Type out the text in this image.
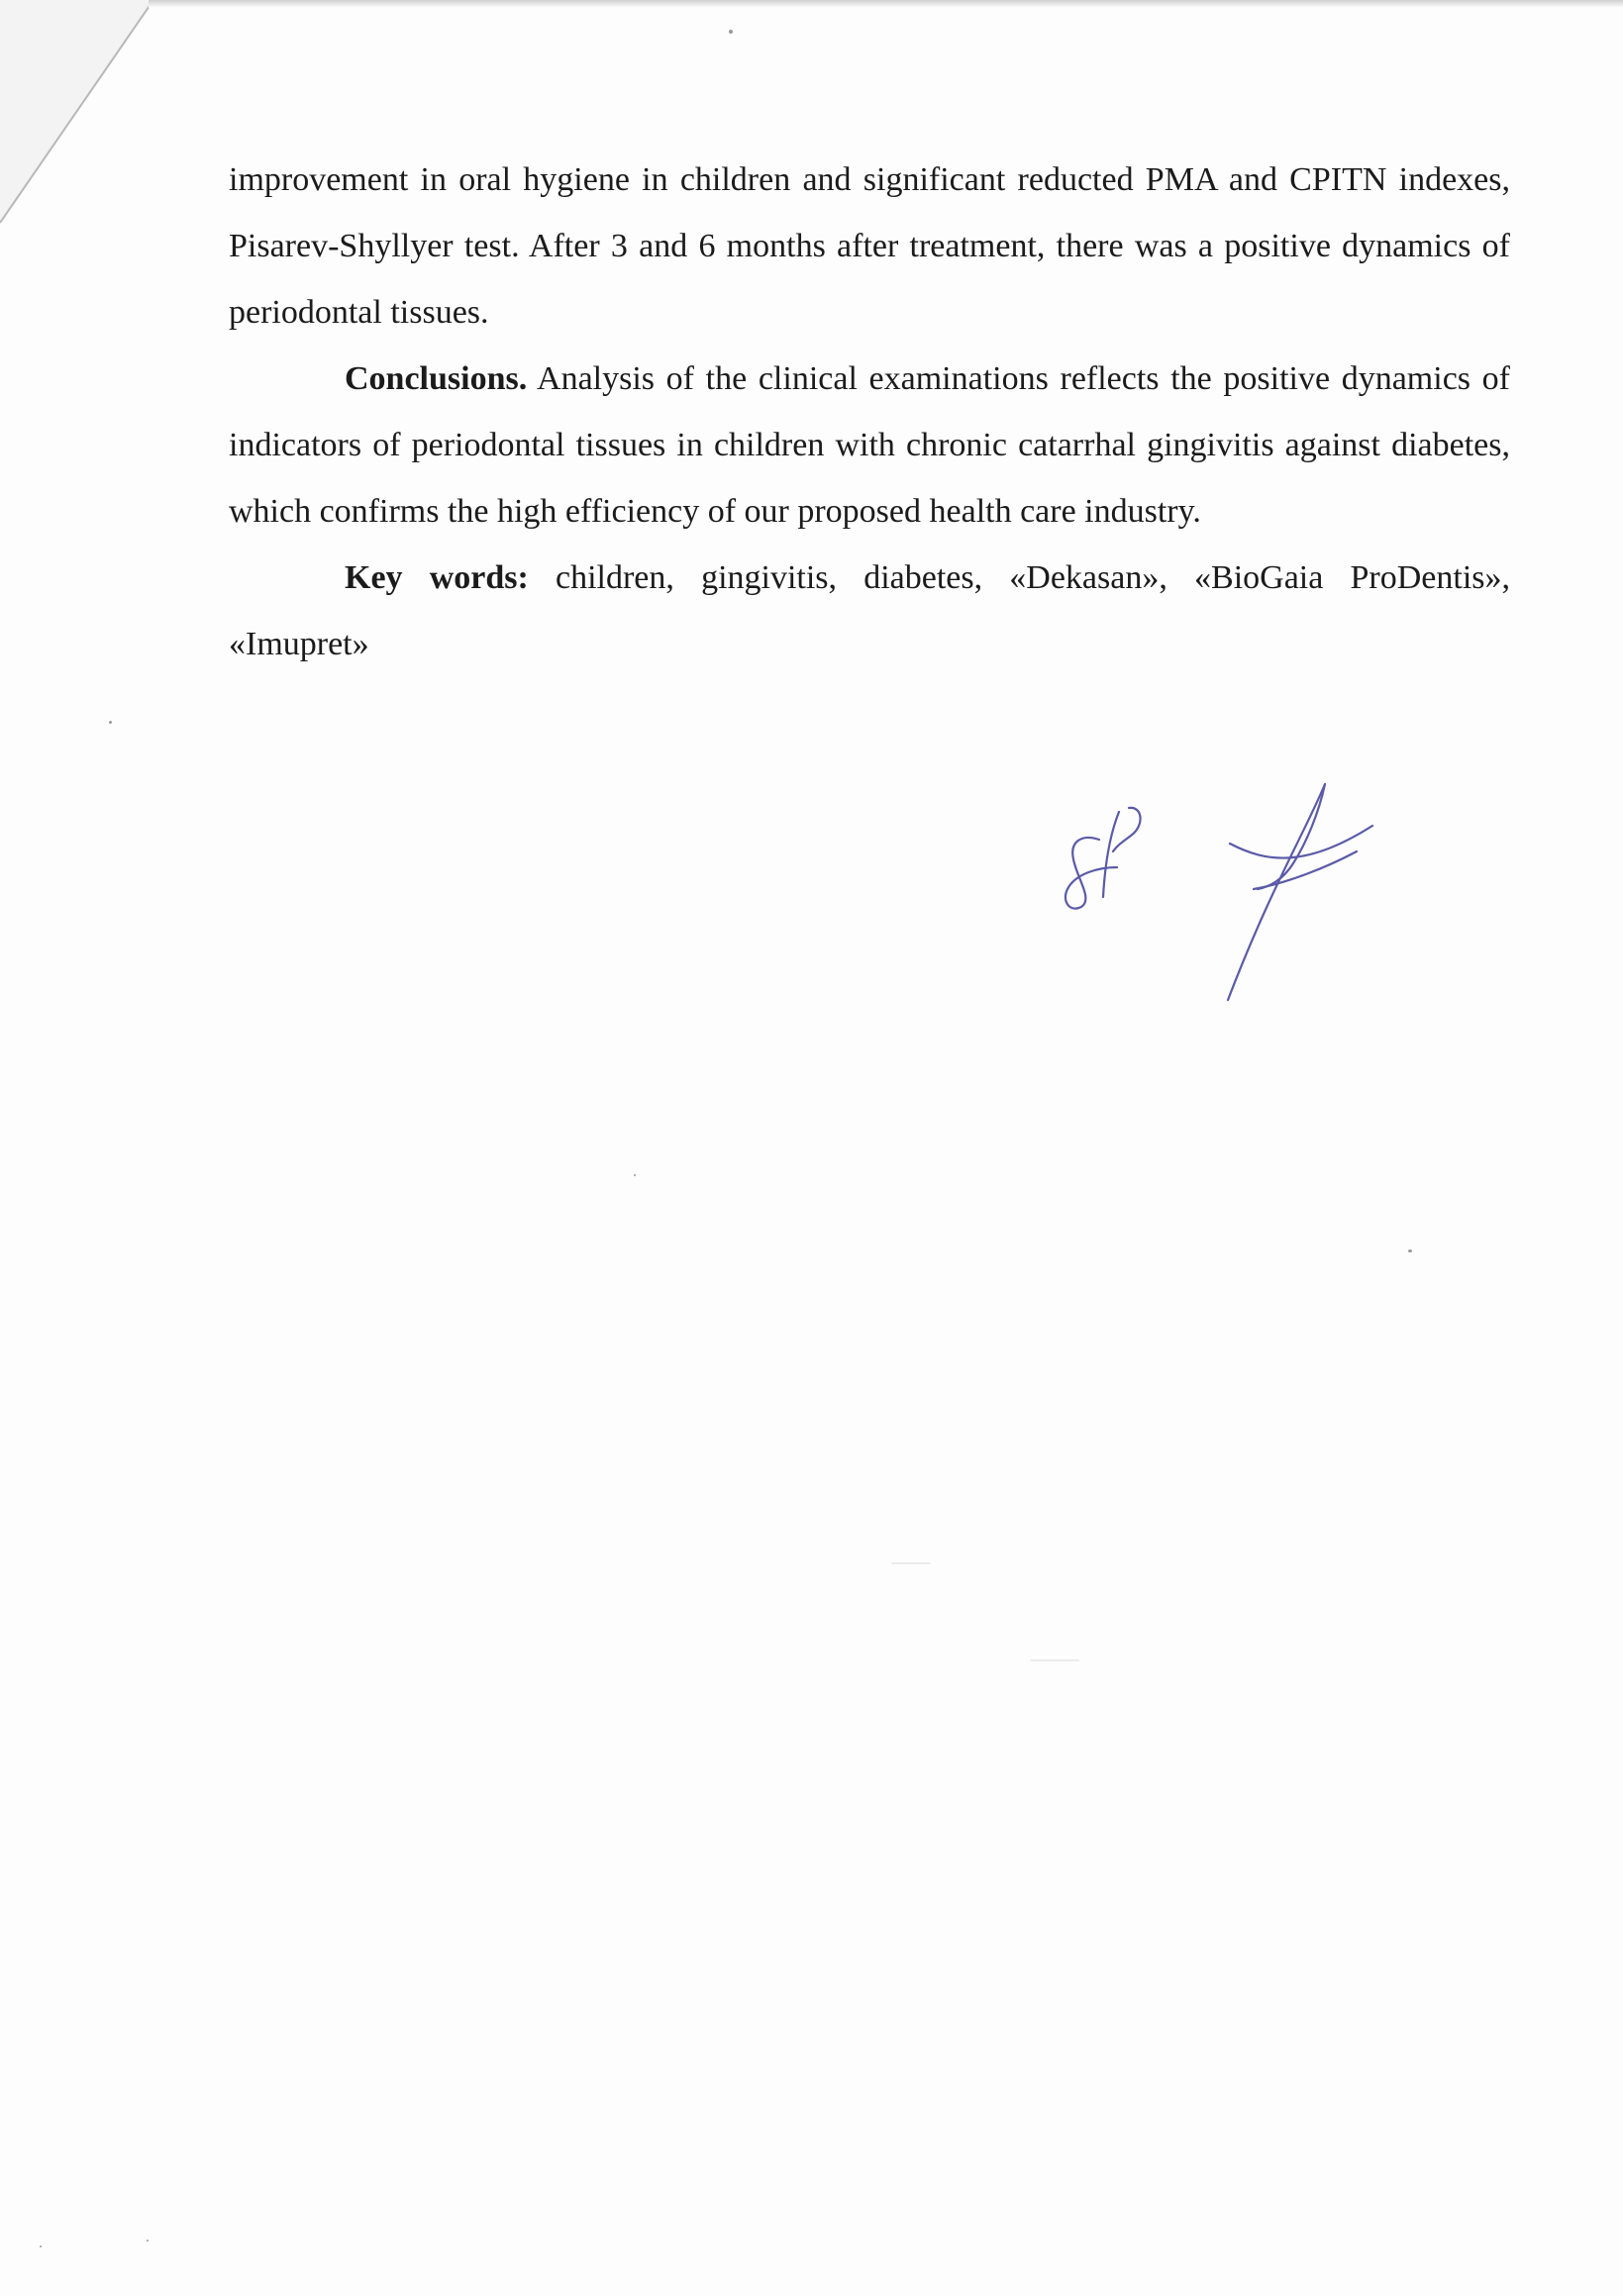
improvement in oral hygiene in children and significant reducted PMA and CPITN indexes, Pisarev-Shyllyer test. After 3 and 6 months after treatment, there was a positive dynamics of periodontal tissues.

Conclusions. Analysis of the clinical examinations reflects the positive dynamics of indicators of periodontal tissues in children with chronic catarrhal gingivitis against diabetes, which confirms the high efficiency of our proposed health care industry.

Key words: children, gingivitis, diabetes, «Dekasan», «BioGaia ProDentis», «Imupret»
